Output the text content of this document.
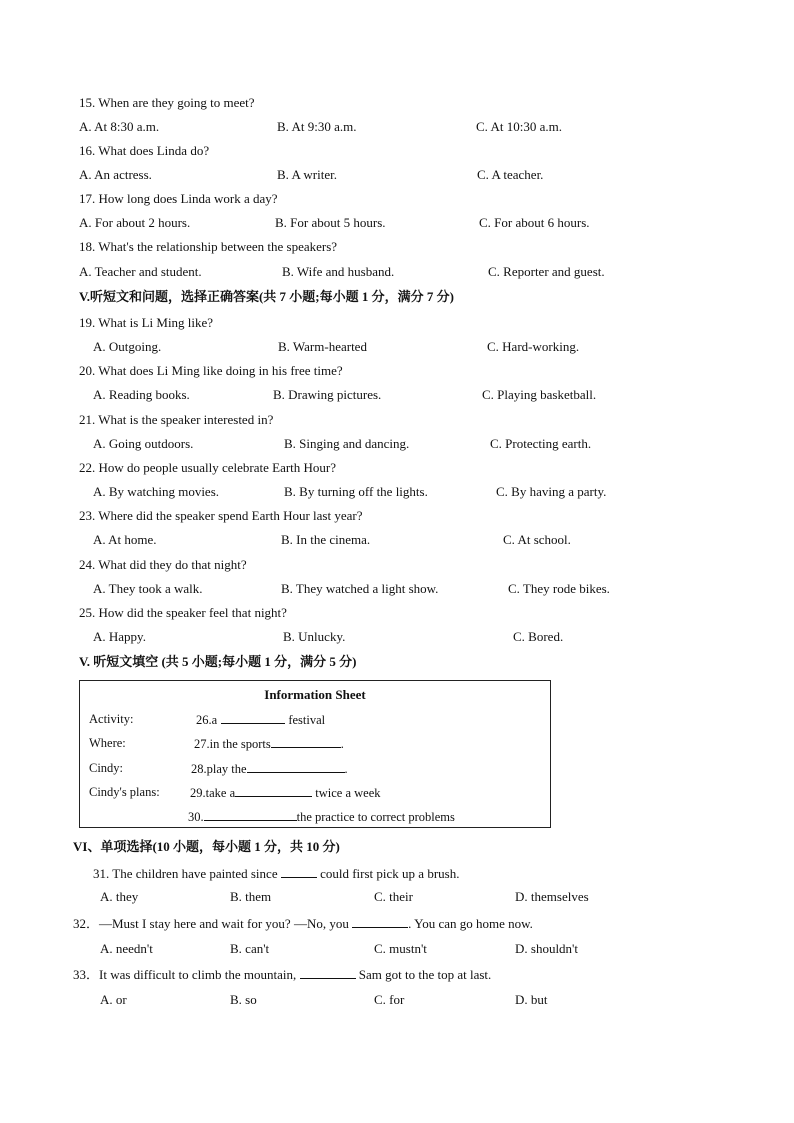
15. When are they going to meet?
A. At 8:30 a.m.	B. At 9:30 a.m.	C. At 10:30 a.m.
16. What does Linda do?
A. An actress.	B. A writer.	C. A teacher.
17. How long does Linda work a day?
A. For about 2 hours.	B. For about 5 hours.	C. For about 6 hours.
18. What's the relationship between the speakers?
A. Teacher and student.	B. Wife and husband.	C. Reporter and guest.
V.听短文和问题，选择正确答案(共 7 小题;每小题 1 分，满分 7 分)
19. What is Li Ming like?
A. Outgoing.	B. Warm-hearted	C. Hard-working.
20. What does Li Ming like doing in his free time?
A. Reading books.	B. Drawing pictures.	C. Playing basketball.
21. What is the speaker interested in?
A. Going outdoors.	B. Singing and dancing.	C. Protecting earth.
22. How do people usually celebrate Earth Hour?
A. By watching movies.	B. By turning off the lights.	C. By having a party.
23. Where did the speaker spend Earth Hour last year?
A. At home.	B. In the cinema.	C. At school.
24. What did they do that night?
A. They took a walk.	B. They watched a light show.	C. They rode bikes.
25. How did the speaker feel that night?
A. Happy.	B. Unlucky.	C. Bored.
V. 听短文填空 (共 5 小题;每小题 1 分，满分 5 分)
Information Sheet
Activity:	26.a	festival
Where:	27.in the sports	.
Cindy:	28.play the	.
Cindy's plans: 29.take a	twice a week
30.	the practice to correct problems
VI、单项选择(10 小题，每小题 1 分，共 10 分)
31. The children have painted since	could first pick up a brush.
A. they	B. them	C. their	D. themselves
32．—Must I stay here and wait for you? —No, you	. You can go home now.
A. needn't	B. can't	C. mustn't	D. shouldn't
33．It was difficult to climb the mountain,	Sam got to the top at last.
A. or	B. so	C. for	D. but
